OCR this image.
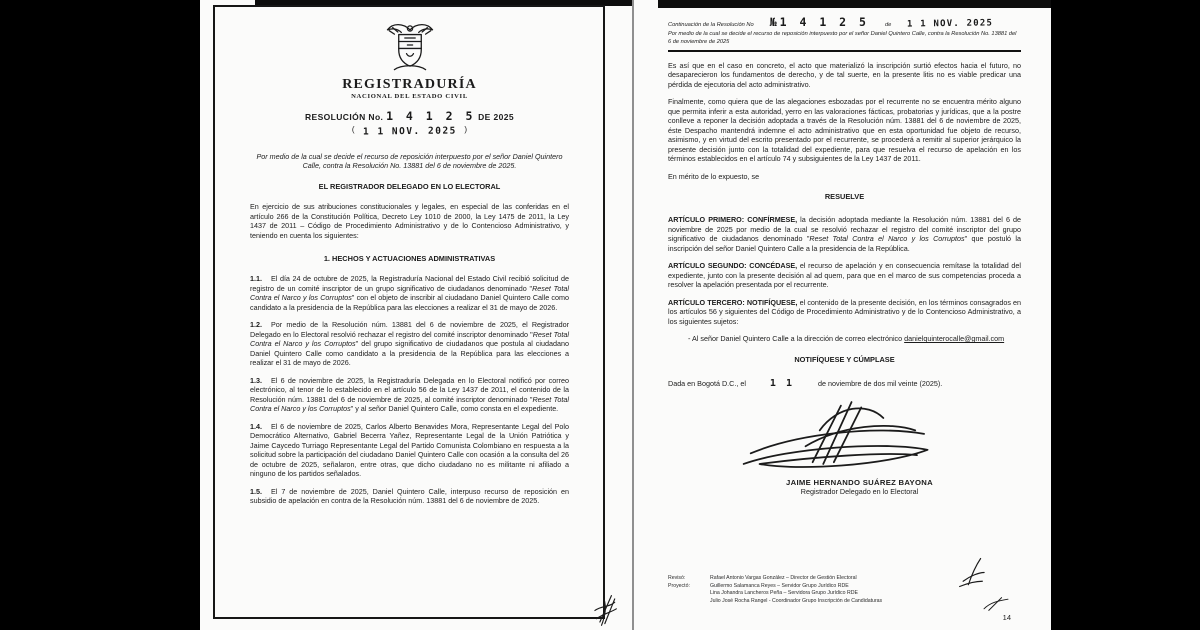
REGISTRADURÍA
NACIONAL DEL ESTADO CIVIL
RESOLUCIÓN No. 1 4 1 2 5 DE 2025
( 1 1 NOV. 2025 )
Por medio de la cual se decide el recurso de reposición interpuesto por el señor Daniel Quintero Calle, contra la Resolución No. 13881 del 6 de noviembre de 2025.
EL REGISTRADOR DELEGADO EN LO ELECTORAL

En ejercicio de sus atribuciones constitucionales y legales, en especial de las conferidas en el artículo 266 de la Constitución Política, Decreto Ley 1010 de 2000, la Ley 1475 de 2011, la Ley 1437 de 2011 – Código de Procedimiento Administrativo y de lo Contencioso Administrativo, y teniendo en cuenta los siguientes:

1. HECHOS Y ACTUACIONES ADMINISTRATIVAS

1.1. El día 24 de octubre de 2025, la Registraduría Nacional del Estado Civil recibió solicitud de registro de un comité inscriptor de un grupo significativo de ciudadanos denominado "Reset Total Contra el Narco y los Corruptos" con el objeto de inscribir al ciudadano Daniel Quintero Calle como candidato a la presidencia de la República para las elecciones a realizar el 31 de mayo de 2026.

1.2. Por medio de la Resolución núm. 13881 del 6 de noviembre de 2025, el Registrador Delegado en lo Electoral resolvió rechazar el registro del comité inscriptor denominado "Reset Total Contra el Narco y los Corruptos" del grupo significativo de ciudadanos que postula al ciudadano Daniel Quintero Calle como candidato a la presidencia de la República para las elecciones a realizar el 31 de mayo de 2026.

1.3. El 6 de noviembre de 2025, la Registraduría Delegada en lo Electoral notificó por correo electrónico, al tenor de lo establecido en el artículo 56 de la Ley 1437 de 2011, el contenido de la Resolución núm. 13881 del 6 de noviembre de 2025, al comité inscriptor denominado "Reset Total Contra el Narco y los Corruptos" y al señor Daniel Quintero Calle, como consta en el expediente.

1.4. El 6 de noviembre de 2025, Carlos Alberto Benavides Mora, Representante Legal del Polo Democrático Alternativo, Gabriel Becerra Yañez, Representante Legal de la Unión Patriótica y Jaime Caycedo Turriago Representante Legal del Partido Comunista Colombiano en respuesta a la solicitud sobre la participación del ciudadano Daniel Quintero Calle con ocasión a la consulta del 26 de octubre de 2025, señalaron, entre otras, que dicho ciudadano no es militante ni afiliado a ninguno de los partidos señalados.

1.5. El 7 de noviembre de 2025, Daniel Quintero Calle, interpuso recurso de reposición en subsidio de apelación en contra de la Resolución núm. 13881 del 6 de noviembre de 2025.

Continuación de la Resolución No №1 4 1 2 5	de 1 1 NOV. 2025
Por medio de la cual se decide el recurso de reposición interpuesto por el señor Daniel Quintero Calle, contra la Resolución No. 13881 del 6 de noviembre de 2025

Es así que en el caso en concreto, el acto que materializó la inscripción surtió efectos hacia el futuro, no desaparecieron los fundamentos de derecho, y de tal suerte, en la presente litis no es viable predicar una pérdida de ejecutoria del acto administrativo.

Finalmente, como quiera que de las alegaciones esbozadas por el recurrente no se encuentra mérito alguno que permita inferir a esta autoridad, yerro en las valoraciones fácticas, probatorias y jurídicas, que a la postre conlleve a reponer la decisión adoptada a través de la Resolución núm. 13881 del 6 de noviembre de 2025, éste Despacho mantendrá indemne el acto administrativo que en esta oportunidad fue objeto de recurso, asimismo, y en virtud del escrito presentado por el recurrente, se procederá a remitir al superior jerárquico la presente decisión junto con la totalidad del expediente, para que resuelva el recurso de apelación en los términos establecidos en el artículo 74 y subsiguientes de la Ley 1437 de 2011.

En mérito de lo expuesto, se

RESUELVE

ARTÍCULO PRIMERO: CONFÍRMESE, la decisión adoptada mediante la Resolución núm. 13881 del 6 de noviembre de 2025 por medio de la cual se resolvió rechazar el registro del comité inscriptor del grupo significativo de ciudadanos denominado "Reset Total Contra el Narco y los Corruptos" que postuló la inscripción del señor Daniel Quintero Calle a la presidencia de la República.

ARTÍCULO SEGUNDO: CONCÉDASE, el recurso de apelación y en consecuencia remítase la totalidad del expediente, junto con la presente decisión al ad quem, para que en el marco de sus competencias proceda a resolver la apelación presentada por el recurrente.

ARTÍCULO TERCERO: NOTIFÍQUESE, el contenido de la presente decisión, en los términos consagrados en los artículos 56 y siguientes del Código de Procedimiento Administrativo y de lo Contencioso Administrativo, a los siguientes sujetos:

- Al señor Daniel Quintero Calle a la dirección de correo electrónico danielquinterocalle@gmail.com

NOTIFÍQUESE Y CÚMPLASE
Dada en Bogotá D.C., el 1 1	de noviembre de dos mil veinte (2025).
JAIME HERNANDO SUÁREZ BAYONA
Registrador Delegado en lo Electoral
Revisó:
Proyectó:
Rafael Antonio Vargas González – Director de Gestión Electoral
Guillermo Salamanca Reyes – Servidor Grupo Jurídico RDE
Lina Johandra Lancheros Peña – Servidora Grupo Jurídico RDE
Julio José Rocha Rangel - Coordinador Grupo Inscripción de Candidaturas
14
